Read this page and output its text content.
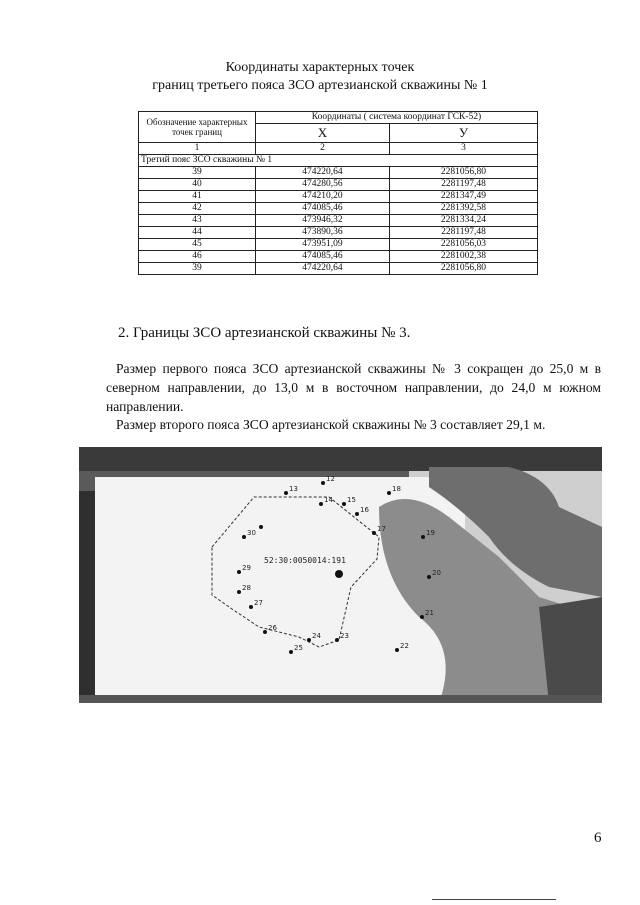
Координаты характерных точек
границ третьего пояса ЗСО артезианской скважины № 1
Обозначение характерных точек границ	Координаты ( система координат ГСК-52)	
	Х	У
1	2	3
Третий пояс ЗСО скважины № 1		
39	474220,64	2281056,80
40	474280,56	2281197,48
41	474210,20	2281347,49
42	474085,46	2281392,58
43	473946,32	2281334,24
44	473890,36	2281197,48
45	473951,09	2281056,03
46	474085,46	2281002,38
39	474220,64	2281056,80
2. Границы ЗСО артезианской скважины № 3.
Размер первого пояса ЗСО артезианской скважины № 3 сокращен до 25,0 м в северном направлении, до 13,0 м в восточном направлении, до 24,0 м южном направлении.
Размер второго пояса ЗСО артезианской скважины № 3 составляет 29,1 м.
52:30:0050014:191
12
13
14 15
16
17
18
19
20
21
22
23
24
25
26
27
28
29
30
6
